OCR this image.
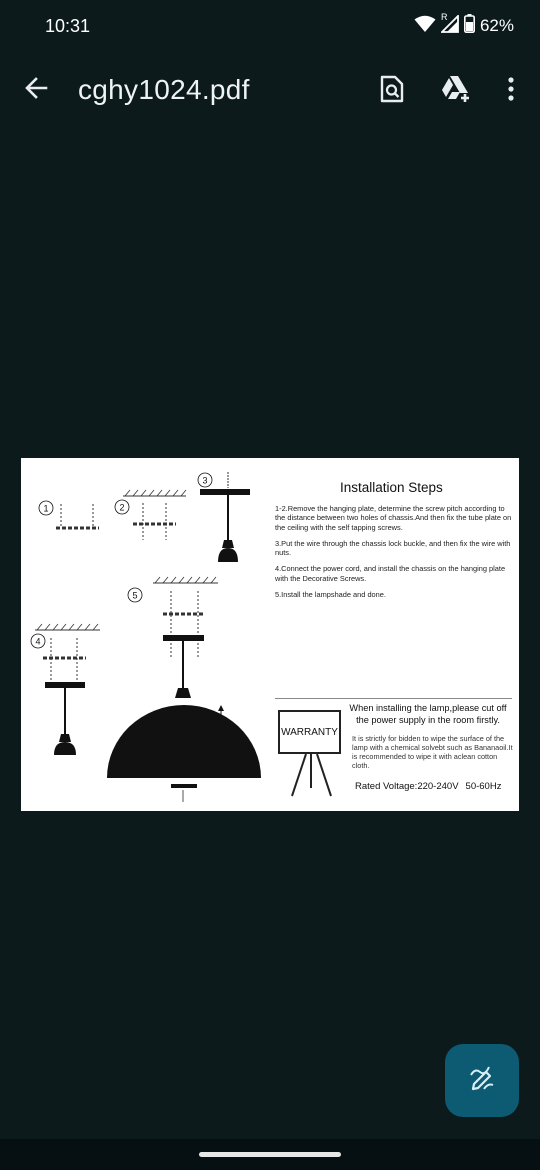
10:31	R 62%
cghy1024.pdf
1	2
3
4
5
Installation Steps

1-2.Remove the hanging plate, determine the screw pitch according to the distance between two holes of chassis.And then fix the tube plate on the ceiling with the self tapping screws.

3.Put the wire through the chassis lock buckle, and then fix the wire with nuts.

4.Connect the power cord, and install the chassis on the hanging plate with the Decorative Screws.

5.Install the lampshade and done.

WARRANTY
When installing the lamp,please cut off the power supply in the room firstly.
It is strictly for bidden to wipe the surface of the lamp with a chemical solvebt such as Bananaoil.It is recommended to wipe it with aclean cotton cloth.
Rated Voltage:220-240V 50-60Hz
